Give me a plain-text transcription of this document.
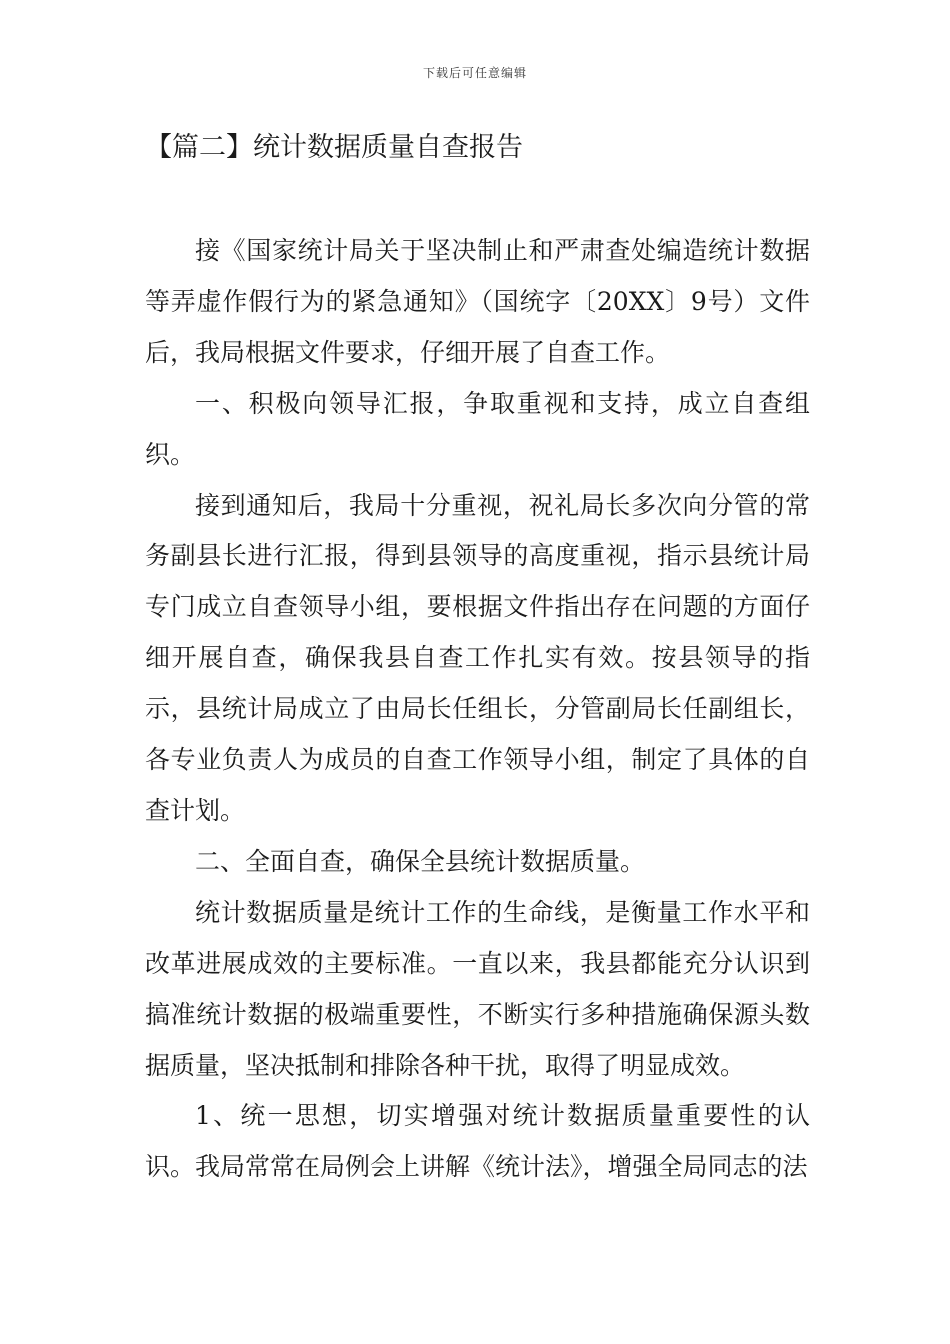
下载后可任意编辑
【篇二】统计数据质量自查报告

接《国家统计局关于坚决制止和严肃查处编造统计数据等弄虚作假行为的紧急通知》（国统字〔20XX〕9号）文件后，我局根据文件要求，仔细开展了自查工作。

一、积极向领导汇报，争取重视和支持，成立自查组织。

接到通知后，我局十分重视，祝礼局长多次向分管的常务副县长进行汇报，得到县领导的高度重视，指示县统计局专门成立自查领导小组，要根据文件指出存在问题的方面仔细开展自查，确保我县自查工作扎实有效。按县领导的指示，县统计局成立了由局长任组长，分管副局长任副组长，各专业负责人为成员的自查工作领导小组，制定了具体的自查计划。

二、全面自查，确保全县统计数据质量。

统计数据质量是统计工作的生命线，是衡量工作水平和改革进展成效的主要标准。一直以来，我县都能充分认识到搞准统计数据的极端重要性，不断实行多种措施确保源头数据质量，坚决抵制和排除各种干扰，取得了明显成效。

1、统一思想，切实增强对统计数据质量重要性的认识。我局常常在局例会上讲解《统计法》，增强全局同志的法
